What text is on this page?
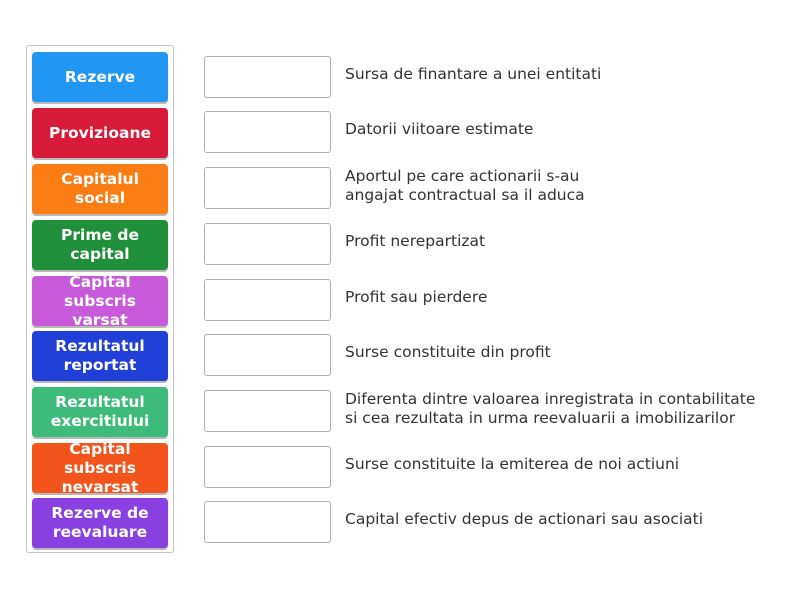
Rezerve
Provizioane
Capitalul
social
Prime de
capital
Capital
subscris varsat
Rezultatul
reportat
Rezultatul
exercitiului
Capital subscris
nevarsat
Rezerve de
reevaluare
Sursa de finantare a unei entitati
Datorii viitoare estimate
Aportul pe care actionarii s-au
angajat contractual sa il aduca
Profit nerepartizat
Profit sau pierdere
Surse constituite din profit
Diferenta dintre valoarea inregistrata in contabilitate
si cea rezultata in urma reevaluarii a imobilizarilor
Surse constituite la emiterea de noi actiuni
Capital efectiv depus de actionari sau asociati
